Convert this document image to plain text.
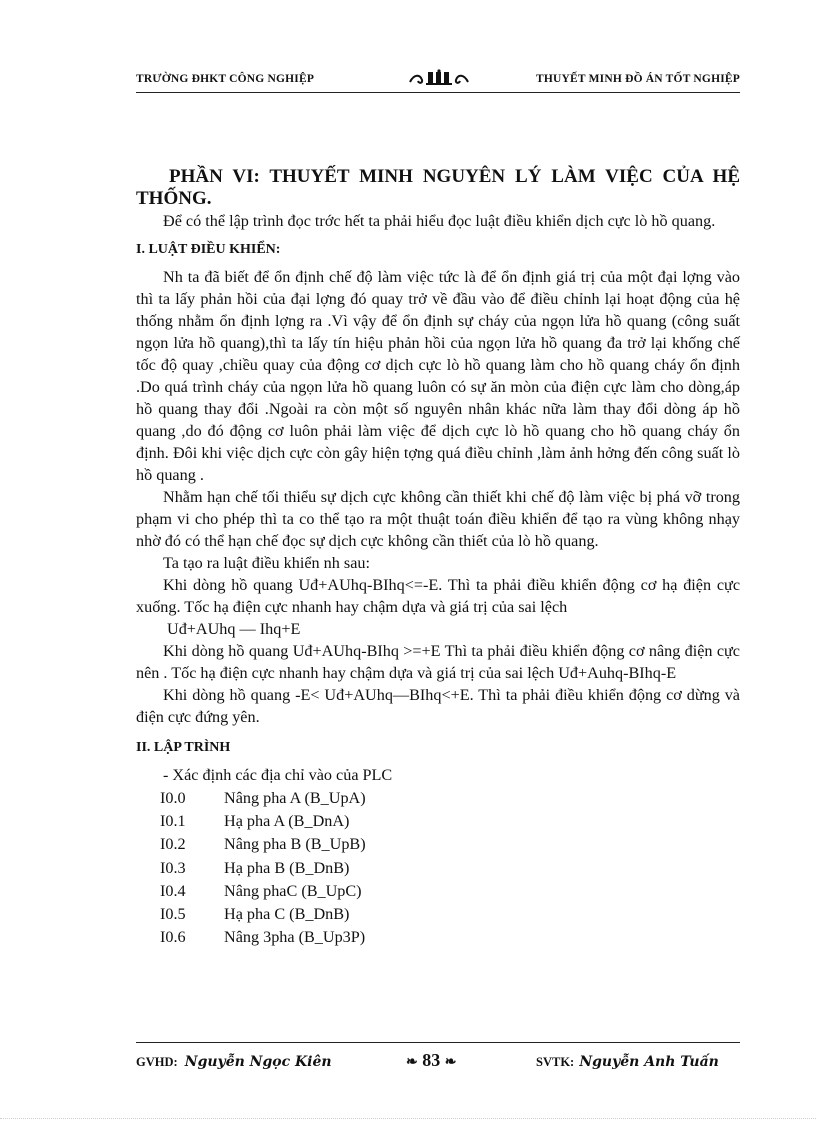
TRƯỜNG ĐHKT CÔNG NGHIỆP	THUYẾT MINH ĐỒ ÁN TỐT NGHIỆP

PHẦN VI: THUYẾT MINH NGUYÊN LÝ LÀM VIỆC CỦA HỆ THỐNG.

Để có thể lập trình đọc trớc hết ta phải hiểu đọc luật điều khiển dịch cực lò hồ quang.

I. LUẬT ĐIỀU KHIỂN:

Nh ta đã biết để ổn định chế độ làm việc tức là để ổn định giá trị của một đại lợng vào thì ta lấy phản hồi của đại lợng đó quay trở về đầu vào để điều chỉnh lại hoạt động của hệ thống nhằm ổn định lợng ra .Vì vậy để ổn định sự cháy của ngọn lửa hồ quang (công suất ngọn lửa hồ quang),thì ta lấy tín hiệu phản hồi của ngọn lửa hồ quang đa trở lại khống chế tốc độ quay ,chiều quay của động cơ dịch cực lò hồ quang làm cho hồ quang cháy ổn định .Do quá trình cháy của ngọn lửa hồ quang luôn có sự ăn mòn của điện cực làm cho dòng,áp hồ quang thay đổi .Ngoài ra còn một số nguyên nhân khác nữa làm thay đổi dòng áp hồ quang ,do đó động cơ luôn phải làm việc để dịch cực lò hồ quang cho hồ quang cháy ổn định. Đôi khi việc dịch cực còn gây hiện tợng quá điều chỉnh ,làm ảnh hởng đến công suất lò hồ quang .

Nhằm hạn chế tối thiểu sự dịch cực không cần thiết khi chế độ làm việc bị phá vỡ trong phạm vi cho phép thì ta co thể tạo ra một thuật toán điều khiển để tạo ra vùng không nhạy nhờ đó có thể hạn chế đọc sự dịch cực không cần thiết của lò hồ quang.

Ta tạo ra luật điều khiển nh sau:

Khi dòng hồ quang Uđ+AUhq-BIhq<=-E. Thì ta phải điều khiển động cơ hạ điện cực xuống. Tốc hạ điện cực nhanh hay chậm dựa và giá trị của sai lệch

Uđ+AUhq — Ihq+E

Khi dòng hồ quang Uđ+AUhq-BIhq >=+E Thì ta phải điều khiển động cơ nâng điện cực nên . Tốc hạ điện cực nhanh hay chậm dựa và giá trị của sai lệch Uđ+Auhq-BIhq-E

Khi dòng hồ quang -E< Uđ+AUhq—BIhq<+E. Thì ta phải điều khiển động cơ dừng và điện cực đứng yên.

II. LẬP TRÌNH

- Xác định các địa chỉ vào của PLC

I0.0	Nâng pha A (B_UpA)
I0.1	Hạ pha A (B_DnA)
I0.2	Nâng pha B (B_UpB)
I0.3	Hạ pha B (B_DnB)
I0.4	Nâng phaC (B_UpC)
I0.5	Hạ pha C (B_DnB)
I0.6	Nâng 3pha (B_Up3P)
GVHD: Nguyễn Ngọc Kiên	❧ 83 ❧	SVTK: Nguyễn Anh Tuấn
